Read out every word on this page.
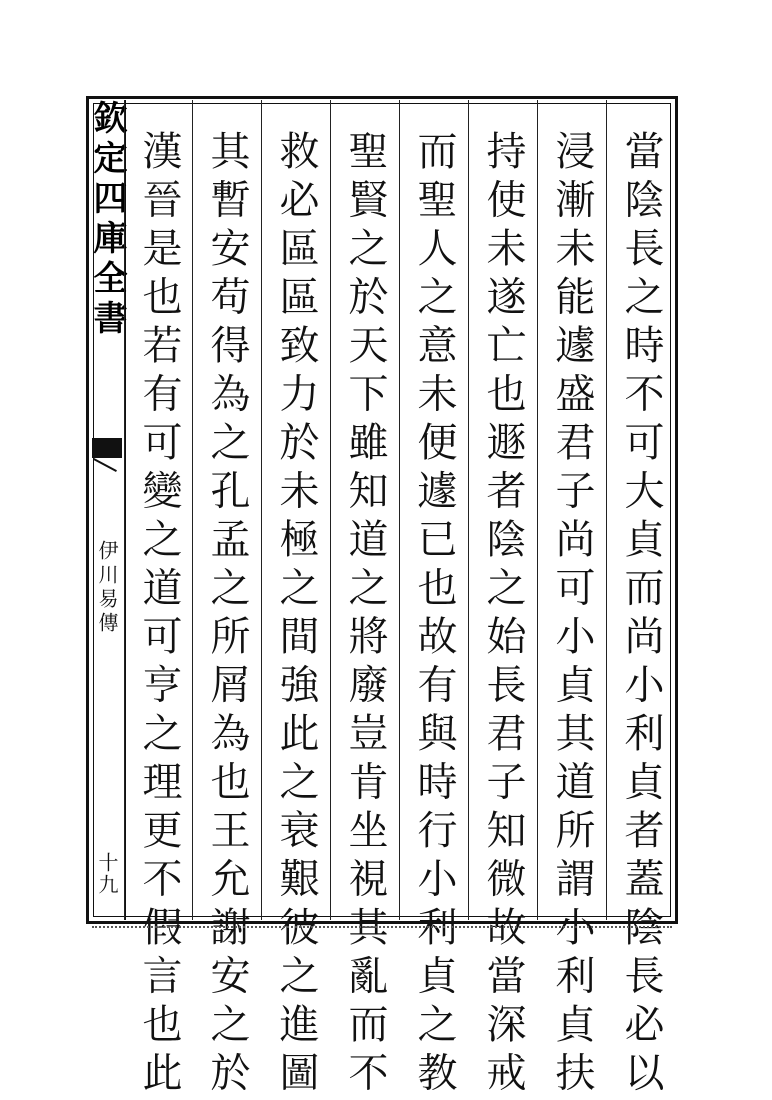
欽定四庫全書
伊川易傳
十九	當陰長之時不可大貞而尚小利貞者蓋陰長必以
浸漸未能遽盛君子尚可小貞其道所謂小利貞扶
持使未遂亡也遯者陰之始長君子知微故當深戒
而聖人之意未便遽已也故有與時行小利貞之教
聖賢之於天下雖知道之將廢豈肯坐視其亂而不
救必區區致力於未極之間強此之衰艱彼之進圖
其暫安苟得為之孔孟之所屑為也王允謝安之於
漢晉是也若有可變之道可亨之理更不假言也此
